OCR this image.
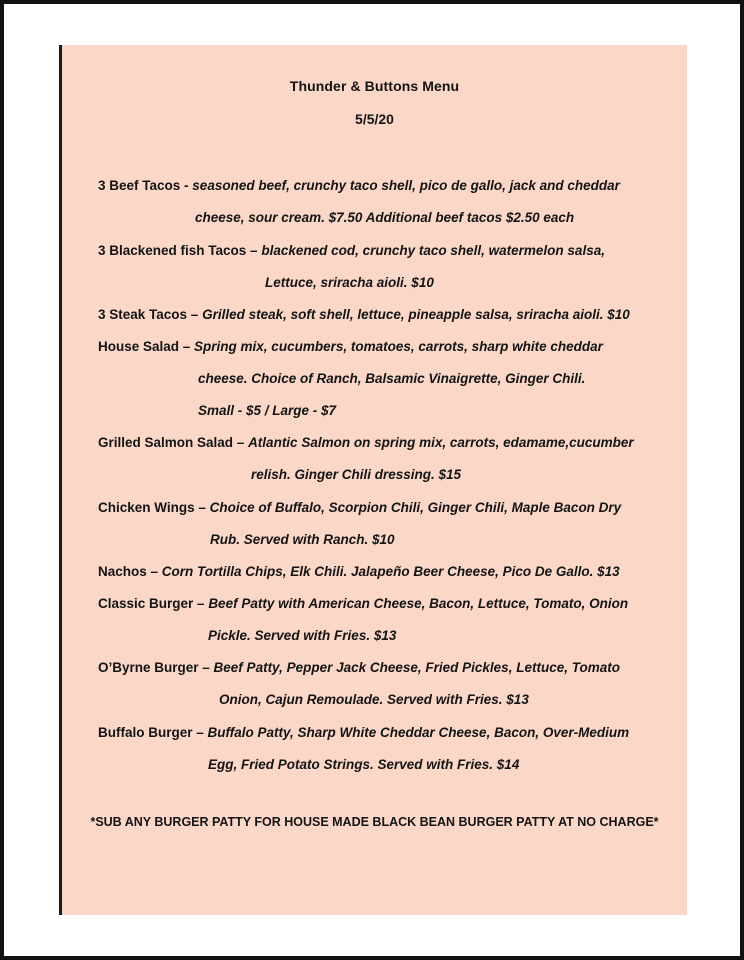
Thunder & Buttons Menu
5/5/20
3 Beef Tacos - seasoned beef, crunchy taco shell, pico de gallo, jack and cheddar
cheese, sour cream. $7.50 Additional beef tacos $2.50 each
3 Blackened fish Tacos – blackened cod, crunchy taco shell, watermelon salsa,
Lettuce, sriracha aioli. $10
3 Steak Tacos – Grilled steak, soft shell, lettuce, pineapple salsa, sriracha aioli. $10
House Salad – Spring mix, cucumbers, tomatoes, carrots, sharp white cheddar
cheese. Choice of Ranch, Balsamic Vinaigrette, Ginger Chili.
Small - $5 / Large - $7
Grilled Salmon Salad – Atlantic Salmon on spring mix, carrots, edamame,cucumber
relish. Ginger Chili dressing. $15
Chicken Wings – Choice of Buffalo, Scorpion Chili, Ginger Chili, Maple Bacon Dry
Rub. Served with Ranch. $10
Nachos – Corn Tortilla Chips, Elk Chili. Jalapeño Beer Cheese, Pico De Gallo. $13
Classic Burger – Beef Patty with American Cheese, Bacon, Lettuce, Tomato, Onion
Pickle. Served with Fries. $13
O’Byrne Burger – Beef Patty, Pepper Jack Cheese, Fried Pickles, Lettuce, Tomato
Onion, Cajun Remoulade. Served with Fries. $13
Buffalo Burger – Buffalo Patty, Sharp White Cheddar Cheese, Bacon, Over-Medium
Egg, Fried Potato Strings. Served with Fries. $14
*SUB ANY BURGER PATTY FOR HOUSE MADE BLACK BEAN BURGER PATTY AT NO CHARGE*
